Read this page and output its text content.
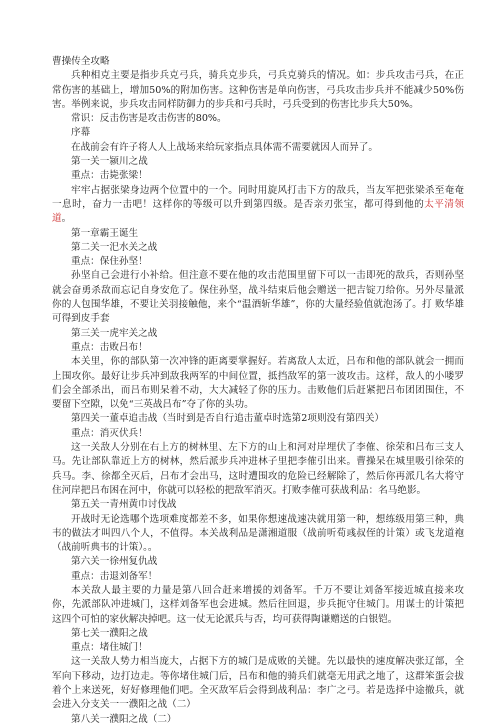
曹操传全攻略

兵种相克主要是指步兵克弓兵，骑兵克步兵，弓兵克骑兵的情况。如：步兵攻击弓兵，在正常伤害的基础上，增加50%的附加伤害。这种伤害是单向伤害，弓兵攻击步兵并不能减少50%伤害。举例来说，步兵攻击同样防御力的步兵和弓兵时，弓兵受到的伤害比步兵大50%。

常识：反击伤害是攻击伤害的80%。

序幕

在战前会有许子将人人上战场来给玩家指点具体需不需要就因人而异了。

第一关一颍川之战

重点：击毙张梁！

牢牢占据张梁身边两个位置中的一个。同时用旋风打击下方的敌兵，当友军把张梁杀至奄奄一息时，奋力一击吧！这样你的等级可以升到第四级。是否亲刃张宝，都可得到他的太平清领道。

第一章霸王诞生

第二关一汜水关之战

重点：保住孙坚！

孙坚自己会进行小补给。但注意不要在他的攻击范围里留下可以一击即死的敌兵，否则孙坚就会奋勇杀敌而忘记自身安危了。保住孙坚，战斗结束后他会赠送一把吉锭刀给你。另外尽量派你的人包围华雄，不要让关羽接触他，来个“温酒斩华雄”，你的大量经验值就泡汤了。打 败华雄可得到皮手套

第三关一虎牢关之战

重点：击败吕布！

本关里，你的部队第一次冲锋的距离要掌握好。若离敌人太近，吕布和他的部队就会一拥而上围攻你。最好让步兵冲到敌我两军的中间位置，抵挡敌军的第一波攻击。这样，敌人的小喽罗们会全部杀出，而吕布则呆着不动，大大减轻了你的压力。击败他们后赶紧把吕布团团围住，不要留下空隙，以免“三英战吕布”夺了你的头功。

第四关一董卓追击战（当时到是否自行追击董卓时选第2项则没有第四关）

重点：消灭伏兵！

这一关敌人分别在右上方的树林里、左下方的山上和河对岸埋伏了李傕、徐荣和吕布三支人马。先让部队靠近上方的树林，然后派步兵冲进林子里把李傕引出来。曹操呆在城里吸引徐荣的兵马。李、徐都全灭后，吕布才会出马，这时遭围攻的危险已经解除了，然后你再派几名大将守住河岸把吕布困在河中，你就可以轻松的把敌军消灭。打败李傕可获战利品：名马绝影。

第五关一青州黄巾讨伐战

开战时无论选哪个选项难度都差不多，如果你想速战速决就用第一种，想练级用第三种，典韦的做法才叫四八个人，不值得。本关战利品是潇湘道服（战前听荀彧叔侄的计策）或飞龙道袍（战前听典韦的计策）。。

第六关一徐州复仇战

重点：击退刘备军！

本关敌人最主要的力量是第八回合赶来增援的刘备军。千万不要让刘备军接近城直接来攻你，先派部队冲进城门，这样刘备军也会进城。然后往回退，步兵扼守住城门。用谋士的计策把这四个可怕的家伙解决掉吧。这一仗无论派兵与否，均可获得陶谦赠送的白银铠。

第七关一濮阳之战

重点：堵住城门！

这一关敌人势力相当庞大，占据下方的城门是成败的关键。先以最快的速度解决张辽部，全军向下移动，边打边走。等你堵住城门后，吕布和他的骑兵们就毫无用武之地了，这群笨蛋会拔着个上来送死，好好修理他们吧。全灭敌军后会得到战利品：李广之弓。若是选择中途撤兵，就会进入分支关一一濮阳之战（二）

第八关一濮阳之战（二）
